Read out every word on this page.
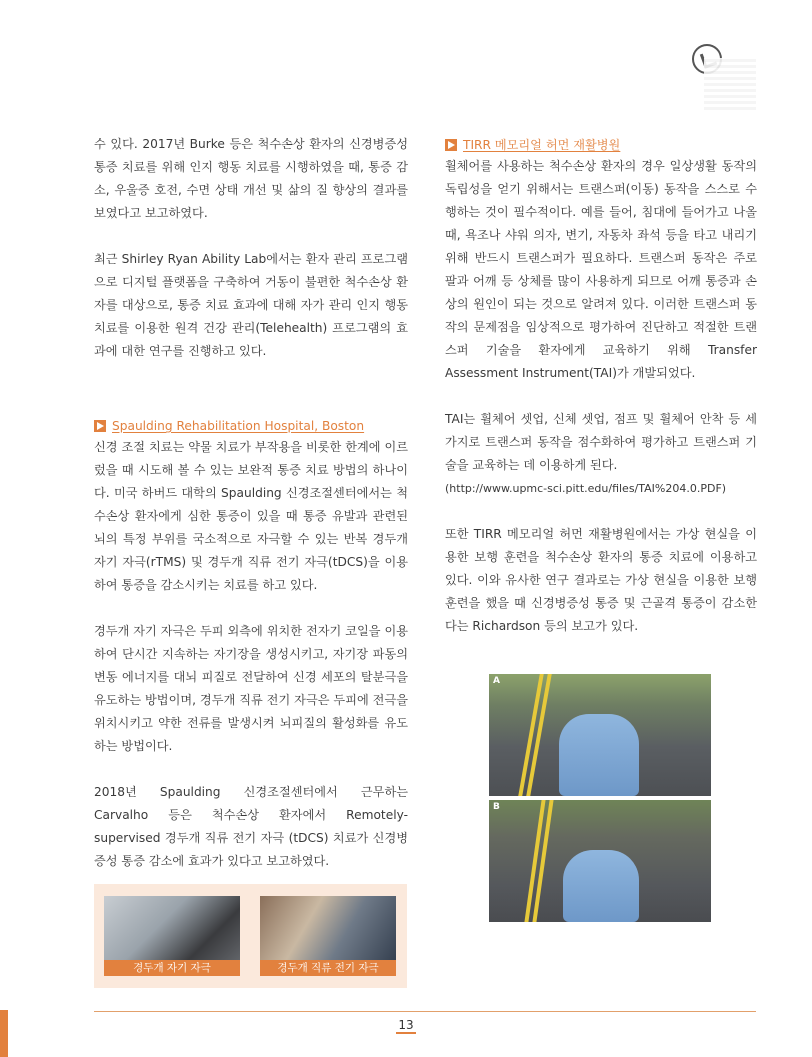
수 있다. 2017년 Burke 등은 척수손상 환자의 신경병증성 통증 치료를 위해 인지 행동 치료를 시행하였을 때, 통증 감소, 우울증 호전, 수면 상태 개선 및 삶의 질 향상의 결과를 보였다고 보고하였다.

최근 Shirley Ryan Ability Lab에서는 환자 관리 프로그램으로 디지털 플랫폼을 구축하여 거동이 불편한 척수손상 환자를 대상으로, 통증 치료 효과에 대해 자가 관리 인지 행동 치료를 이용한 원격 건강 관리(Telehealth) 프로그램의 효과에 대한 연구를 진행하고 있다.

Spaulding Rehabilitation Hospital, Boston

신경 조절 치료는 약물 치료가 부작용을 비롯한 한계에 이르렀을 때 시도해 볼 수 있는 보완적 통증 치료 방법의 하나이다. 미국 하버드 대학의 Spaulding 신경조절센터에서는 척수손상 환자에게 심한 통증이 있을 때 통증 유발과 관련된 뇌의 특정 부위를 국소적으로 자극할 수 있는 반복 경두개 자기 자극(rTMS) 및 경두개 직류 전기 자극(tDCS)을 이용하여 통증을 감소시키는 치료를 하고 있다.

경두개 자기 자극은 두피 외측에 위치한 전자기 코일을 이용하여 단시간 지속하는 자기장을 생성시키고, 자기장 파동의 변동 에너지를 대뇌 피질로 전달하여 신경 세포의 탈분극을 유도하는 방법이며, 경두개 직류 전기 자극은 두피에 전극을 위치시키고 약한 전류를 발생시켜 뇌피질의 활성화를 유도하는 방법이다.

2018년 Spaulding 신경조절센터에서 근무하는 Carvalho 등은 척수손상 환자에서 Remotely-supervised 경두개 직류 전기 자극 (tDCS) 치료가 신경병증성 통증 감소에 효과가 있다고 보고하였다.

경두개 자기 자극	경두개 직류 전기 자극
TIRR 메모리얼 허먼 재활병원

휠체어를 사용하는 척수손상 환자의 경우 일상생활 동작의 독립성을 얻기 위해서는 트랜스퍼(이동) 동작을 스스로 수행하는 것이 필수적이다. 예를 들어, 침대에 들어가고 나올 때, 욕조나 샤워 의자, 변기, 자동차 좌석 등을 타고 내리기 위해 반드시 트랜스퍼가 필요하다. 트랜스퍼 동작은 주로 팔과 어깨 등 상체를 많이 사용하게 되므로 어깨 통증과 손상의 원인이 되는 것으로 알려져 있다. 이러한 트랜스퍼 동작의 문제점을 임상적으로 평가하여 진단하고 적절한 트랜스퍼 기술을 환자에게 교육하기 위해 Transfer Assessment Instrument(TAI)가 개발되었다.

TAI는 휠체어 셋업, 신체 셋업, 점프 및 휠체어 안착 등 세 가지로 트랜스퍼 동작을 점수화하여 평가하고 트랜스퍼 기술을 교육하는 데 이용하게 된다.

(http://www.upmc-sci.pitt.edu/files/TAI%204.0.PDF)

또한 TIRR 메모리얼 허먼 재활병원에서는 가상 현실을 이용한 보행 훈련을 척수손상 환자의 통증 치료에 이용하고 있다. 이와 유사한 연구 결과로는 가상 현실을 이용한 보행 훈련을 했을 때 신경병증성 통증 및 근골격 통증이 감소한다는 Richardson 등의 보고가 있다.

A
B
13
